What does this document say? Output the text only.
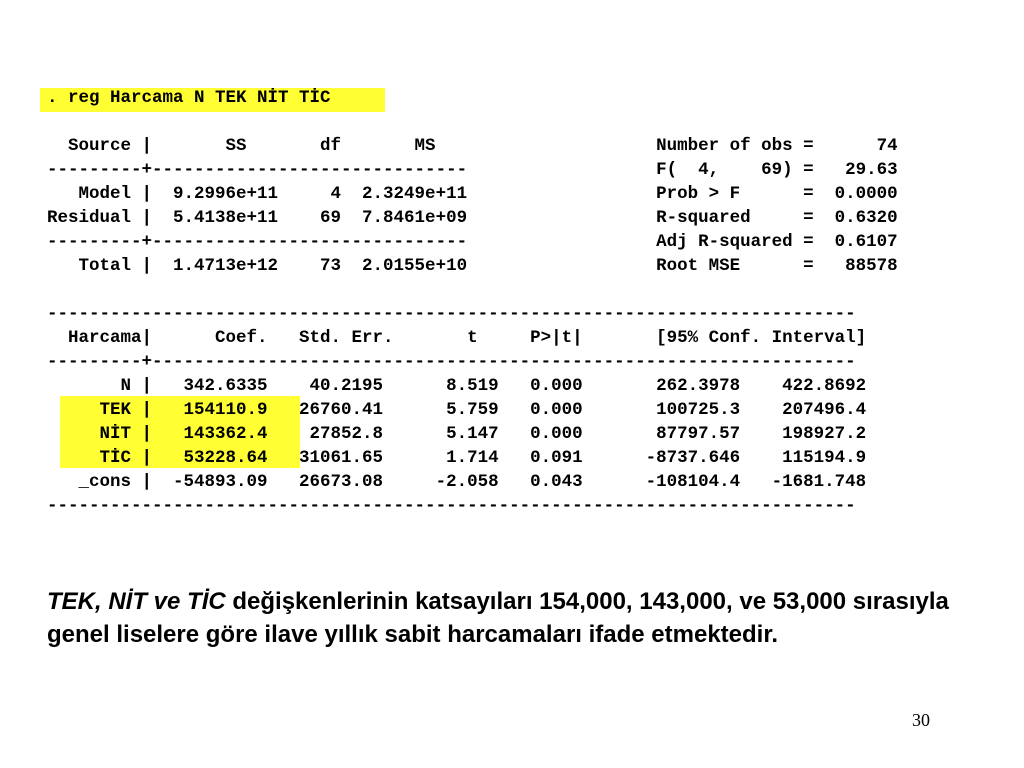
. reg Harcama N TEK NİT TİC
Source |       SS       df       MS                     Number of obs =      74
---------+------------------------------                  F(  4,    69) =   29.63
Model |  9.2996e+11     4  2.3249e+11                  Prob > F      =  0.0000
Residual |  5.4138e+11    69  7.8461e+09                  R-squared     =  0.6320
---------+------------------------------                  Adj R-squared =  0.6107
Total |  1.4713e+12    73  2.0155e+10                  Root MSE      =   88578
-----------------------------------------------------------------------------
Harcama|      Coef.   Std. Err.       t     P>|t|       [95% Conf. Interval]
---------+-------------------------------------------------------------------
N |   342.6335    40.2195      8.519   0.000       262.3978    422.8692
TEK |   154110.9   26760.41      5.759   0.000       100725.3    207496.4
NİT |   143362.4    27852.8      5.147   0.000       87797.57    198927.2
TİC |   53228.64   31061.65      1.714   0.091      -8737.646    115194.9
_cons |  -54893.09   26673.08     -2.058   0.043      -108104.4   -1681.748
-----------------------------------------------------------------------------
TEK, NİT ve TİC değişkenlerinin katsayıları 154,000, 143,000, ve 53,000 sırasıyla genel liselere göre ilave yıllık sabit harcamaları ifade etmektedir.
30
